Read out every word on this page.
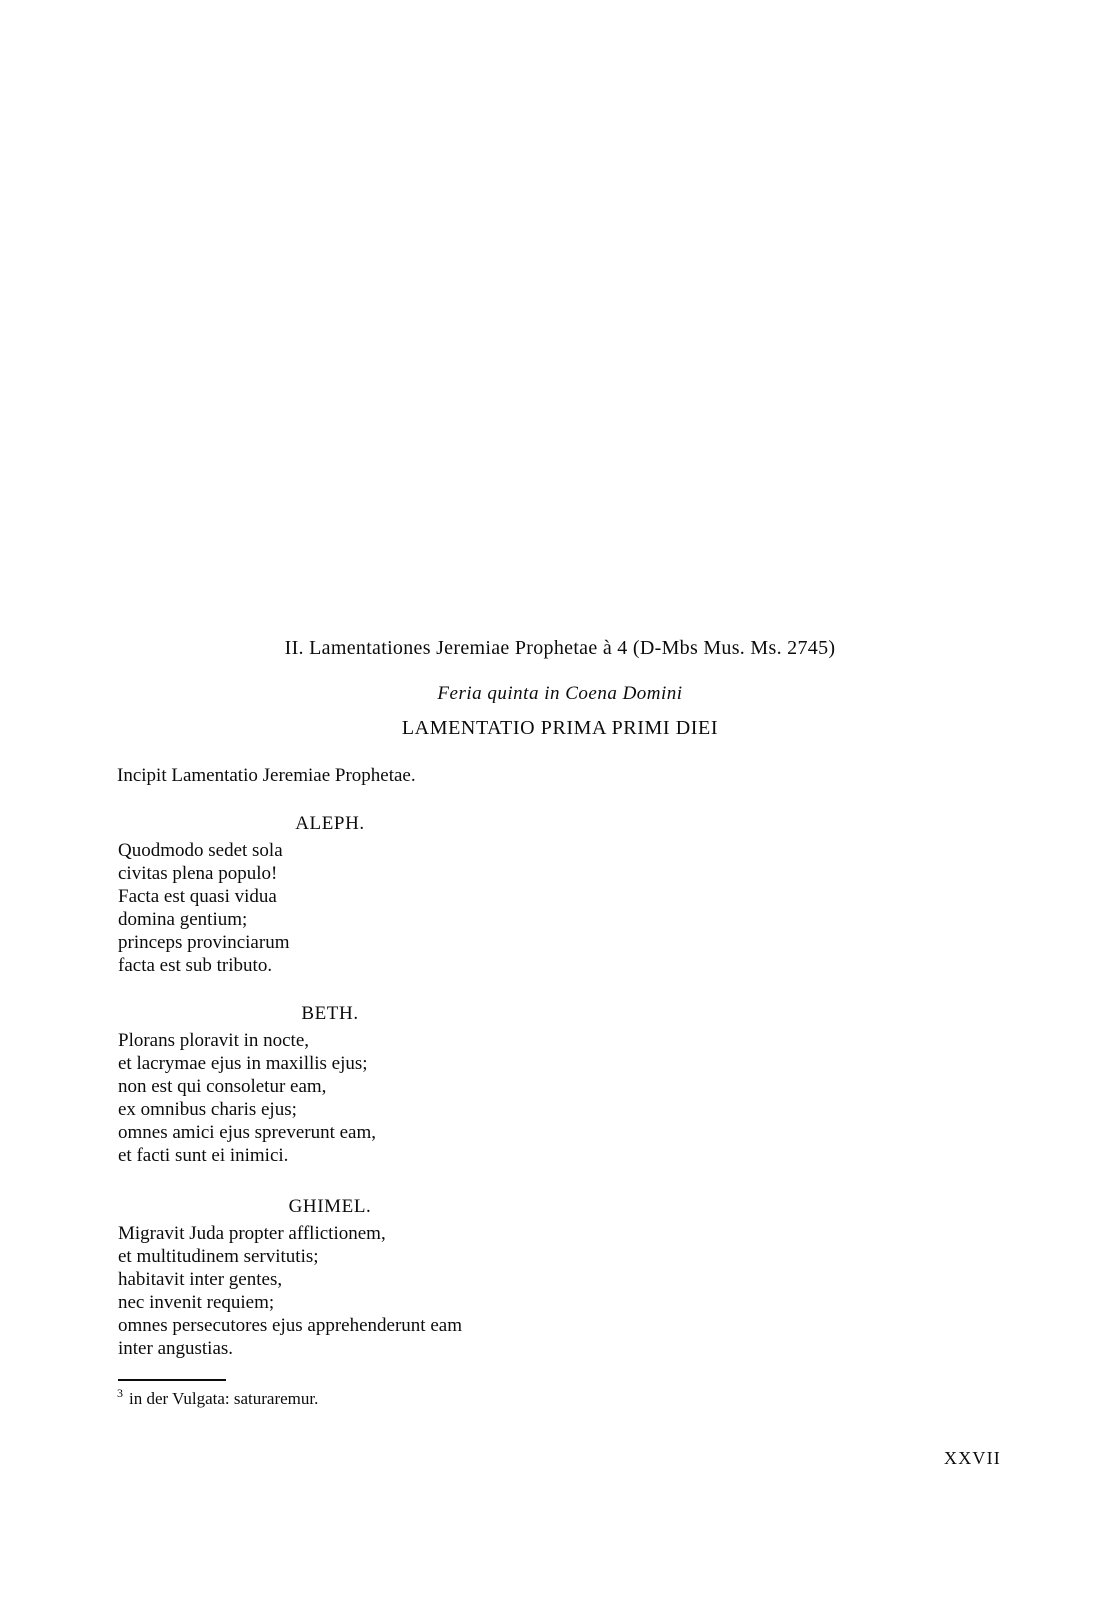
II. Lamentationes Jeremiae Prophetae à 4 (D-Mbs Mus. Ms. 2745)
Feria quinta in Coena Domini
LAMENTATIO PRIMA PRIMI DIEI
Incipit Lamentatio Jeremiae Prophetae.
ALEPH.
Quodmodo sedet sola
civitas plena populo!
Facta est quasi vidua
domina gentium;
princeps provinciarum
facta est sub tributo.
BETH.
Plorans ploravit in nocte,
et lacrymae ejus in maxillis ejus;
non est qui consoletur eam,
ex omnibus charis ejus;
omnes amici ejus spreverunt eam,
et facti sunt ei inimici.
GHIMEL.
Migravit Juda propter afflictionem,
et multitudinem servitutis;
habitavit inter gentes,
nec invenit requiem;
omnes persecutores ejus apprehenderunt eam
inter angustias.
$^3$ in der Vulgata: saturaremur.
XXVII
